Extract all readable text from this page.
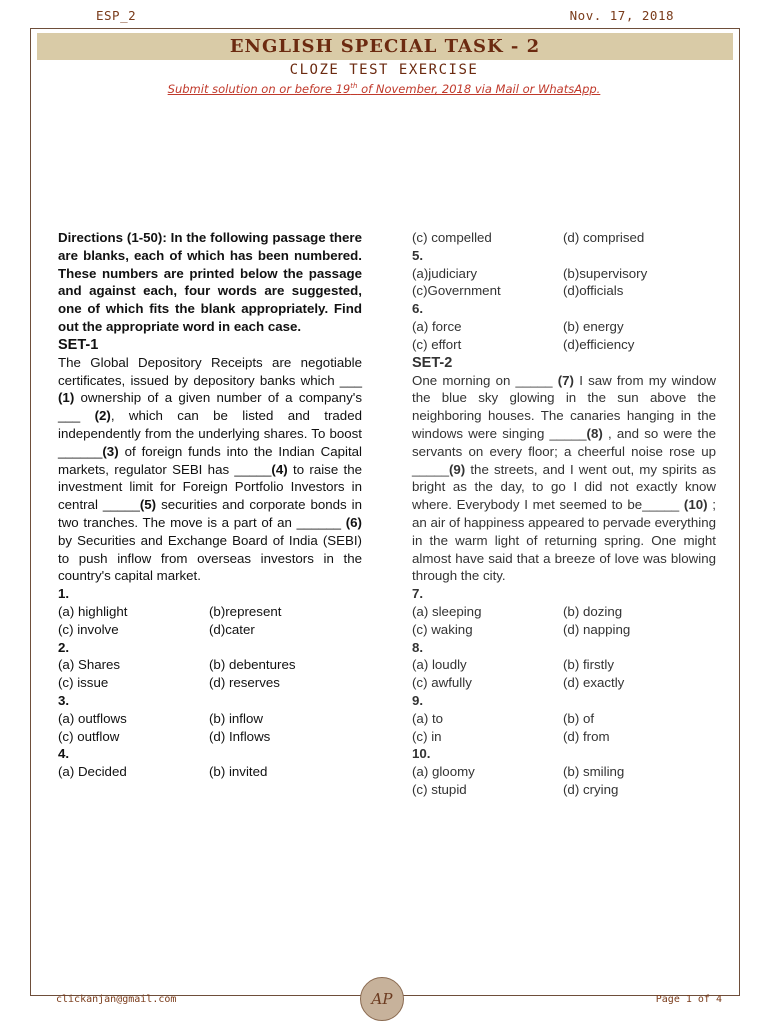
ESP_2	Nov. 17, 2018
ENGLISH SPECIAL TASK - 2
CLOZE TEST EXERCISE
Submit solution on or before 19th of November, 2018 via Mail or WhatsApp.
Directions (1-50): In the following passage there are blanks, each of which has been numbered. These numbers are printed below the passage and against each, four words are suggested, one of which fits the blank appropriately. Find out the appropriate word in each case.
SET-1
The Global Depository Receipts are negotiable certificates, issued by depository banks which ___ (1) ownership of a given number of a company's ___ (2), which can be listed and traded independently from the underlying shares. To boost ______(3) of foreign funds into the Indian Capital markets, regulator SEBI has _____(4) to raise the investment limit for Foreign Portfolio Investors in central _____(5) securities and corporate bonds in two tranches. The move is a part of an ______ (6) by Securities and Exchange Board of India (SEBI) to push inflow from overseas investors in the country's capital market.
1.
(a) highlight	(b)represent
(c) involve	(d)cater
2.
(a) Shares	(b) debentures
(c) issue	(d) reserves
3.
(a) outflows	(b) inflow
(c) outflow	(d) Inflows
4.
(a) Decided	(b) invited
(c) compelled	(d) comprised
5.
(a)judiciary	(b)supervisory
(c)Government	(d)officials
6.
(a) force	(b) energy
(c) effort	(d)efficiency
SET-2
One morning on _____ (7) I saw from my window the blue sky glowing in the sun above the neighboring houses. The canaries hanging in the windows were singing _____(8) , and so were the servants on every floor; a cheerful noise rose up _____(9) the streets, and I went out, my spirits as bright as the day, to go I did not exactly know where. Everybody I met seemed to be_____ (10) ; an air of happiness appeared to pervade everything in the warm light of returning spring. One might almost have said that a breeze of love was blowing through the city.
7.
(a) sleeping	(b) dozing
(c) waking	(d) napping
8.
(a) loudly	(b) firstly
(c) awfully	(d) exactly
9.
(a) to	(b) of
(c) in	(d) from
10.
(a) gloomy	(b) smiling
(c) stupid	(d) crying
clickanjan@gmail.com	AP	Page 1 of 4
